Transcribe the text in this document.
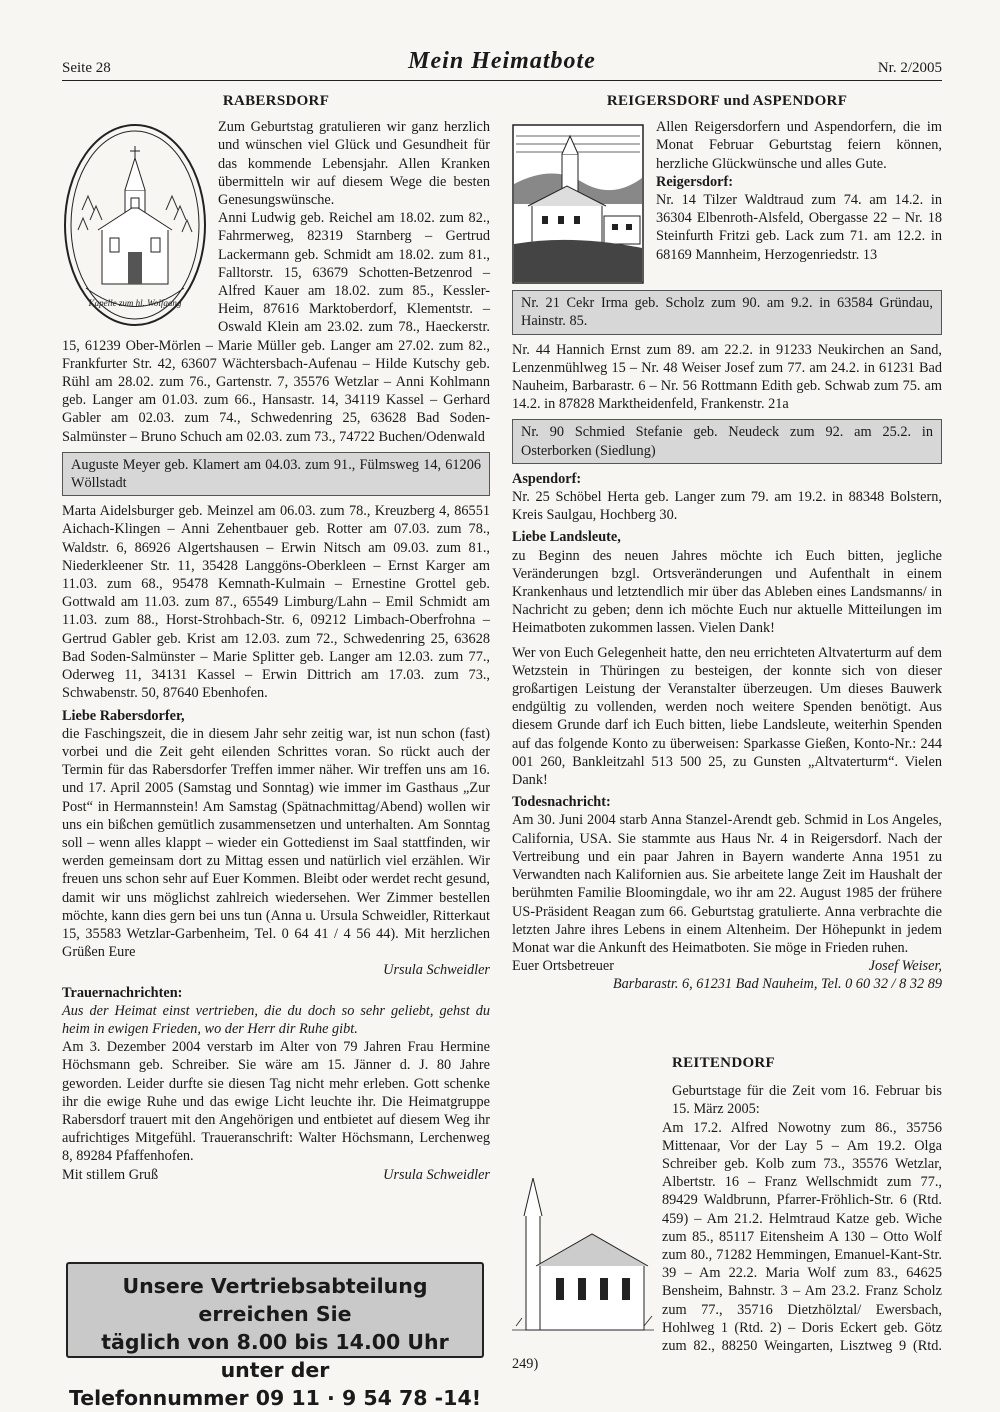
Seite 28	Mein Heimatbote	Nr. 2/2005
RABERSDORF
Kapelle zum hl. Wolfgang

Zum Geburtstag gratulieren wir ganz herzlich und wünschen viel Glück und Gesundheit für das kommende Lebensjahr. Allen Kranken übermitteln wir auf diesem Wege die besten Genesungswünsche.

Anni Ludwig geb. Reichel am 18.02. zum 82., Fahrmerweg, 82319 Starnberg – Gertrud Lackermann geb. Schmidt am 18.02. zum 81., Falltorstr. 15, 63679 Schotten-Betzenrod – Alfred Kauer am 18.02. zum 85., Kessler-Heim, 87616 Marktoberdorf, Klementstr. – Oswald Klein am 23.02. zum 78., Haeckerstr. 15, 61239 Ober-Mörlen – Marie Müller geb. Langer am 27.02. zum 82., Frankfurter Str. 42, 63607 Wächtersbach-Aufenau – Hilde Kutschy geb. Rühl am 28.02. zum 76., Gartenstr. 7, 35576 Wetzlar – Anni Kohlmann geb. Langer am 01.03. zum 66., Hansastr. 14, 34119 Kassel – Gerhard Gabler am 02.03. zum 74., Schwedenring 25, 63628 Bad Soden-Salmünster – Bruno Schuch am 02.03. zum 73., 74722 Buchen/Odenwald

Auguste Meyer geb. Klamert am 04.03. zum 91., Fülmsweg 14, 61206 Wöllstadt

Marta Aidelsburger geb. Meinzel am 06.03. zum 78., Kreuzberg 4, 86551 Aichach-Klingen – Anni Zehentbauer geb. Rotter am 07.03. zum 78., Waldstr. 6, 86926 Algertshausen – Erwin Nitsch am 09.03. zum 81., Niederkleener Str. 11, 35428 Langgöns-Oberkleen – Ernst Karger am 11.03. zum 68., 95478 Kemnath-Kulmain – Ernestine Grottel geb. Gottwald am 11.03. zum 87., 65549 Limburg/Lahn – Emil Schmidt am 11.03. zum 88., Horst-Strohbach-Str. 6, 09212 Limbach-Oberfrohna – Gertrud Gabler geb. Krist am 12.03. zum 72., Schwedenring 25, 63628 Bad Soden-Salmünster – Marie Splitter geb. Langer am 12.03. zum 77., Oderweg 11, 34131 Kassel – Erwin Dittrich am 17.03. zum 73., Schwabenstr. 50, 87640 Ebenhofen.

Liebe Rabersdorfer,

die Faschingszeit, die in diesem Jahr sehr zeitig war, ist nun schon (fast) vorbei und die Zeit geht eilenden Schrittes voran. So rückt auch der Termin für das Rabersdorfer Treffen immer näher. Wir treffen uns am 16. und 17. April 2005 (Samstag und Sonntag) wie immer im Gasthaus „Zur Post“ in Hermannstein! Am Samstag (Spätnachmittag/Abend) wollen wir uns ein bißchen gemütlich zusammensetzen und unterhalten. Am Sonntag soll – wenn alles klappt – wieder ein Gottedienst im Saal stattfinden, wir werden gemeinsam dort zu Mittag essen und natürlich viel erzählen. Wir freuen uns schon sehr auf Euer Kommen. Bleibt oder werdet recht gesund, damit wir uns möglichst zahlreich wiedersehen. Wer Zimmer bestellen möchte, kann dies gern bei uns tun (Anna u. Ursula Schweidler, Ritterkaut 15, 35583 Wetzlar-Garbenheim, Tel. 0 64 41 / 4 56 44). Mit herzlichen Grüßen Eure

Ursula Schweidler
Trauernachrichten:

Aus der Heimat einst vertrieben, die du doch so sehr geliebt, gehst du heim in ewigen Frieden, wo der Herr dir Ruhe gibt.

Am 3. Dezember 2004 verstarb im Alter von 79 Jahren Frau Hermine Höchsmann geb. Schreiber. Sie wäre am 15. Jänner d. J. 80 Jahre geworden. Leider durfte sie diesen Tag nicht mehr erleben. Gott schenke ihr die ewige Ruhe und das ewige Licht leuchte ihr. Die Heimatgruppe Rabersdorf trauert mit den Angehörigen und entbietet auf diesem Weg ihr aufrichtiges Mitgefühl. Traueranschrift: Walter Höchsmann, Lerchenweg 8, 89284 Pfaffenhofen.

Mit stillem Gruß	Ursula Schweidler
Unsere Vertriebsabteilung erreichen Sie
täglich von 8.00 bis 14.00 Uhr unter der
Telefonnummer 09 11 · 9 54 78 -14!
REIGERSDORF und ASPENDORF

Allen Reigersdorfern und Aspendorfern, die im Monat Februar Geburtstag feiern können, herzliche Glückwünsche und alles Gute.

Reigersdorf:

Nr. 14 Tilzer Waldtraud zum 74. am 14.2. in 36304 Elbenroth-Alsfeld, Obergasse 22 – Nr. 18 Steinfurth Fritzi geb. Lack zum 71. am 12.2. in 68169 Mannheim, Herzogenriedstr. 13

Nr. 21 Cekr Irma geb. Scholz zum 90. am 9.2. in 63584 Gründau, Hainstr. 85.

Nr. 44 Hannich Ernst zum 89. am 22.2. in 91233 Neukirchen an Sand, Lenzenmühlweg 15 – Nr. 48 Weiser Josef zum 77. am 24.2. in 61231 Bad Nauheim, Barbarastr. 6 – Nr. 56 Rottmann Edith geb. Schwab zum 75. am 14.2. in 87828 Marktheidenfeld, Frankenstr. 21a

Nr. 90 Schmied Stefanie geb. Neudeck zum 92. am 25.2. in Osterborken (Siedlung)
Aspendorf:

Nr. 25 Schöbel Herta geb. Langer zum 79. am 19.2. in 88348 Bolstern, Kreis Saulgau, Hochberg 30.

Liebe Landsleute,

zu Beginn des neuen Jahres möchte ich Euch bitten, jegliche Veränderungen bzgl. Ortsveränderungen und Aufenthalt in einem Krankenhaus und letztendlich mir über das Ableben eines Landsmanns/ in Nachricht zu geben; denn ich möchte Euch nur aktuelle Mitteilungen im Heimatboten zukommen lassen. Vielen Dank!

Wer von Euch Gelegenheit hatte, den neu errichteten Altvaterturm auf dem Wetzstein in Thüringen zu besteigen, der konnte sich von dieser großartigen Leistung der Veranstalter überzeugen. Um dieses Bauwerk endgültig zu vollenden, werden noch weitere Spenden benötigt. Aus diesem Grunde darf ich Euch bitten, liebe Landsleute, weiterhin Spenden auf das folgende Konto zu überweisen: Sparkasse Gießen, Konto-Nr.: 244 001 260, Bankleitzahl 513 500 25, zu Gunsten „Altvaterturm“. Vielen Dank!

Todesnachricht:

Am 30. Juni 2004 starb Anna Stanzel-Arendt geb. Schmid in Los Angeles, California, USA. Sie stammte aus Haus Nr. 4 in Reigersdorf. Nach der Vertreibung und ein paar Jahren in Bayern wanderte Anna 1951 zu Verwandten nach Kalifornien aus. Sie arbeitete lange Zeit im Haushalt der berühmten Familie Bloomingdale, wo ihr am 22. August 1985 der frühere US-Präsident Reagan zum 66. Geburtstag gratulierte. Anna verbrachte die letzten Jahre ihres Lebens in einem Altenheim. Der Höhepunkt in jedem Monat war die Ankunft des Heimatboten. Sie möge in Frieden ruhen.

Euer Ortsbetreuer	Josef Weiser,
Barbarastr. 6, 61231 Bad Nauheim, Tel. 0 60 32 / 8 32 89
REITENDORF

Geburtstage für die Zeit vom 16. Februar bis 15. März 2005:

Am 17.2. Alfred Nowotny zum 86., 35756 Mittenaar, Vor der Lay 5 – Am 19.2. Olga Schreiber geb. Kolb zum 73., 35576 Wetzlar, Albertstr. 16 – Franz Wellschmidt zum 77., 89429 Waldbrunn, Pfarrer-Fröhlich-Str. 6 (Rtd. 459) – Am 21.2. Helmtraud Katze geb. Wiche zum 85., 85117 Eitensheim A 130 – Otto Wolf zum 80., 71282 Hemmingen, Emanuel-Kant-Str. 39 – Am 22.2. Maria Wolf zum 83., 64625 Bensheim, Bahnstr. 3 – Am 23.2. Franz Scholz zum 77., 35716 Dietzhölztal/ Ewersbach, Hohlweg 1 (Rtd. 2) – Doris Eckert geb. Götz zum 82., 88250 Weingarten, Lisztweg 9 (Rtd. 249)
